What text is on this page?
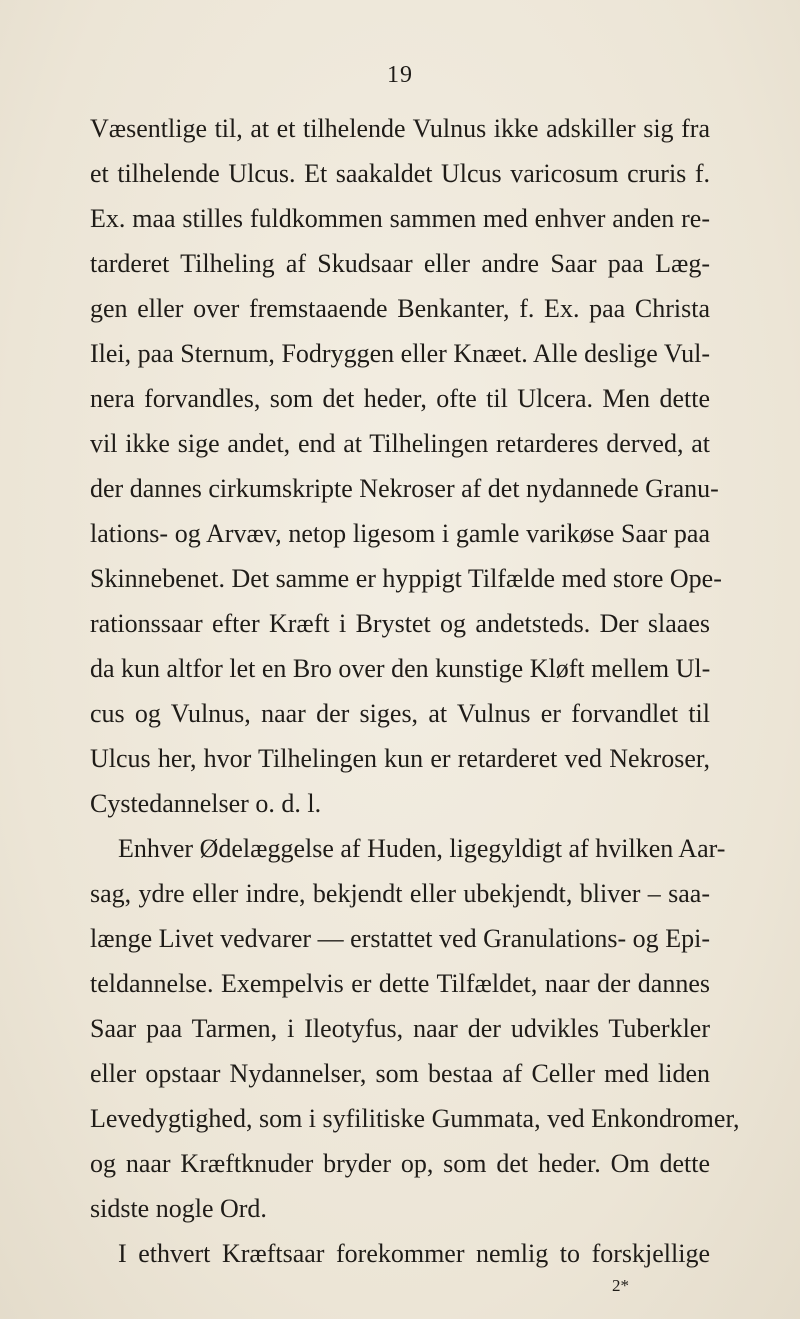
19
Væsentlige til, at et tilhelende Vulnus ikke adskiller sig fra
et tilhelende Ulcus. Et saakaldet Ulcus varicosum cruris f.
Ex. maa stilles fuldkommen sammen med enhver anden re-
tarderet Tilheling af Skudsaar eller andre Saar paa Læg-
gen eller over fremstaaende Benkanter, f. Ex. paa Christa
Ilei, paa Sternum, Fodryggen eller Knæet. Alle deslige Vul-
nera forvandles, som det heder, ofte til Ulcera. Men dette
vil ikke sige andet, end at Tilhelingen retarderes derved, at
der dannes cirkumskripte Nekroser af det nydannede Granu-
lations- og Arvæv, netop ligesom i gamle varikøse Saar paa
Skinnebenet. Det samme er hyppigt Tilfælde med store Ope-
rationssaar efter Kræft i Brystet og andetsteds. Der slaaes
da kun altfor let en Bro over den kunstige Kløft mellem Ul-
cus og Vulnus, naar der siges, at Vulnus er forvandlet til
Ulcus her, hvor Tilhelingen kun er retarderet ved Nekroser,
Cystedannelser o. d. l.
Enhver Ødelæggelse af Huden, ligegyldigt af hvilken Aar-
sag, ydre eller indre, bekjendt eller ubekjendt, bliver – saa-
længe Livet vedvarer — erstattet ved Granulations- og Epi-
teldannelse. Exempelvis er dette Tilfældet, naar der dannes
Saar paa Tarmen, i Ileotyfus, naar der udvikles Tuberkler
eller opstaar Nydannelser, som bestaa af Celler med liden
Levedygtighed, som i syfilitiske Gummata, ved Enkondromer,
og naar Kræftknuder bryder op, som det heder. Om dette
sidste nogle Ord.
I ethvert Kræftsaar forekommer nemlig to forskjellige
2*
